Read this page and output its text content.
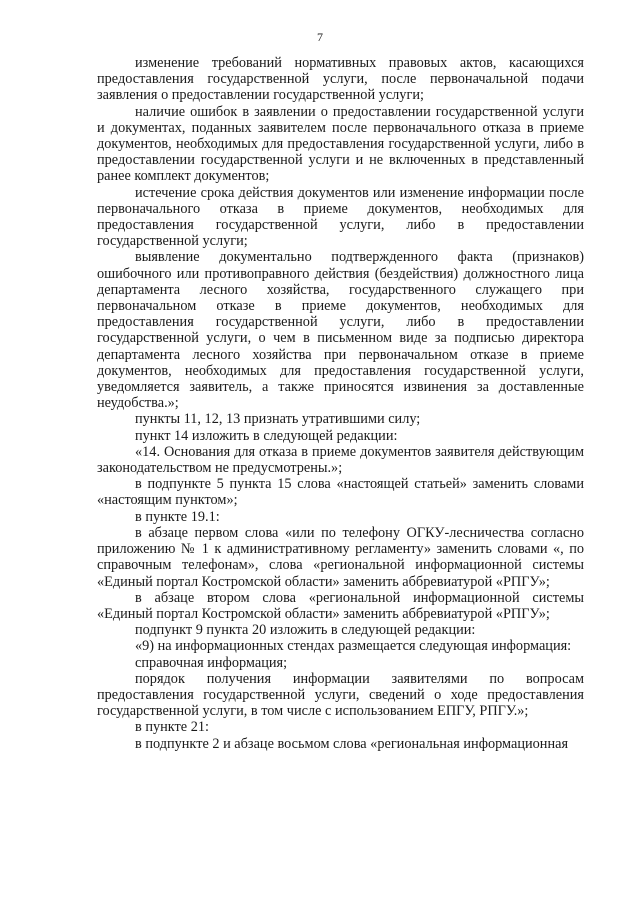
7

изменение требований нормативных правовых актов, касающихся предоставления государственной услуги, после первоначальной подачи заявления о предоставлении государственной услуги;

наличие ошибок в заявлении о предоставлении государственной услуги и документах, поданных заявителем после первоначального отказа в приеме документов, необходимых для предоставления государственной услуги, либо в предоставлении государственной услуги и не включенных в представленный ранее комплект документов;

истечение срока действия документов или изменение информации после первоначального отказа в приеме документов, необходимых для предоставления государственной услуги, либо в предоставлении государственной услуги;

выявление документально подтвержденного факта (признаков) ошибочного или противоправного действия (бездействия) должностного лица департамента лесного хозяйства, государственного служащего при первоначальном отказе в приеме документов, необходимых для предоставления государственной услуги, либо в предоставлении государственной услуги, о чем в письменном виде за подписью директора департамента лесного хозяйства при первоначальном отказе в приеме документов, необходимых для предоставления государственной услуги, уведомляется заявитель, а также приносятся извинения за доставленные неудобства.»;

пункты 11, 12, 13 признать утратившими силу;

пункт 14 изложить в следующей редакции:

«14. Основания для отказа в приеме документов заявителя действующим законодательством не предусмотрены.»;

в подпункте 5 пункта 15 слова «настоящей статьей» заменить словами «настоящим пунктом»;

в пункте 19.1:

в абзаце первом слова «или по телефону ОГКУ-лесничества согласно приложению № 1 к административному регламенту» заменить словами «, по справочным телефонам», слова «региональной информационной системы «Единый портал Костромской области» заменить аббревиатурой «РПГУ»;

в абзаце втором слова «региональной информационной системы «Единый портал Костромской области» заменить аббревиатурой «РПГУ»;

подпункт 9 пункта 20 изложить в следующей редакции:

«9) на информационных стендах размещается следующая информация:

справочная информация;

порядок получения информации заявителями по вопросам предоставления государственной услуги, сведений о ходе предоставления государственной услуги, в том числе с использованием ЕПГУ, РПГУ.»;

в пункте 21:

в подпункте 2 и абзаце восьмом слова «региональная информационная
